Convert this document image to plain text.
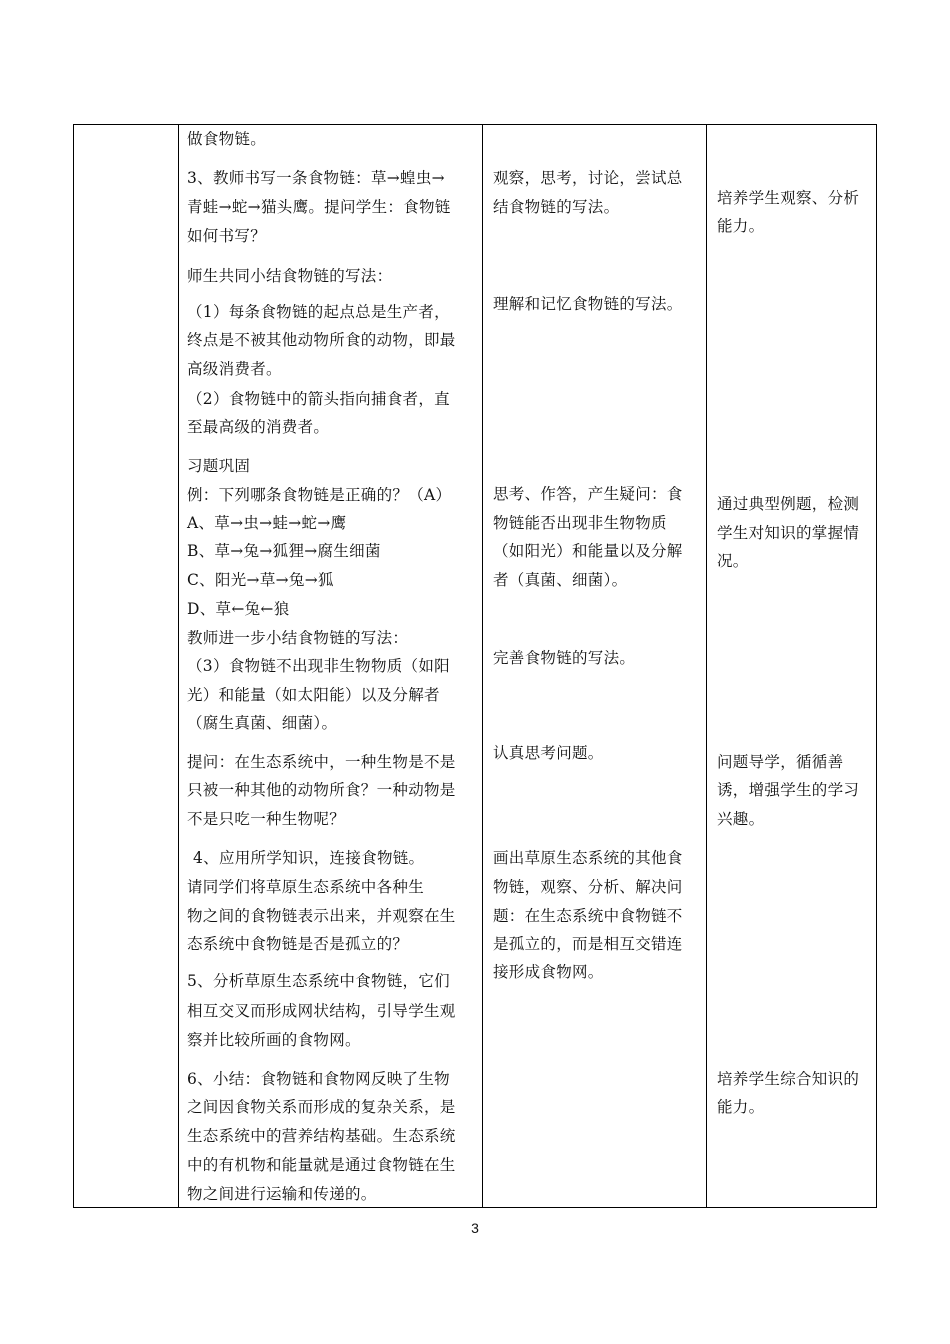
做食物链。
3、教师书写一条食物链：草→蝗虫→
青蛙→蛇→猫头鹰。提问学生：食物链
如何书写？
师生共同小结食物链的写法：
（1）每条食物链的起点总是生产者，
终点是不被其他动物所食的动物，即最
高级消费者。
（2）食物链中的箭头指向捕食者，直
至最高级的消费者。
习题巩固
例：下列哪条食物链是正确的？（A）
A、草→虫→蛙→蛇→鹰
B、草→兔→狐狸→腐生细菌
C、阳光→草→兔→狐
D、草←兔←狼
教师进一步小结食物链的写法：
（3）食物链不出现非生物物质（如阳
光）和能量（如太阳能）以及分解者
（腐生真菌、细菌）。
提问：在生态系统中，一种生物是不是
只被一种其他的动物所食？一种动物是
不是只吃一种生物呢？
4、应用所学知识，连接食物链。
请同学们将草原生态系统中各种生
物之间的食物链表示出来，并观察在生
态系统中食物链是否是孤立的？
5、分析草原生态系统中食物链，它们
相互交叉而形成网状结构，引导学生观
察并比较所画的食物网。
6、小结：食物链和食物网反映了生物
之间因食物关系而形成的复杂关系，是
生态系统中的营养结构基础。生态系统
中的有机物和能量就是通过食物链在生
物之间进行运输和传递的。
观察，思考，讨论，尝试总
结食物链的写法。
理解和记忆食物链的写法。
思考、作答，产生疑问：食
物链能否出现非生物物质
（如阳光）和能量以及分解
者（真菌、细菌）。
完善食物链的写法。
认真思考问题。
画出草原生态系统的其他食
物链，观察、分析、解决问
题：在生态系统中食物链不
是孤立的，而是相互交错连
接形成食物网。
培养学生观察、分析
能力。
通过典型例题，检测
学生对知识的掌握情
况。
问题导学，循循善
诱，增强学生的学习
兴趣。
培养学生综合知识的
能力。
3
